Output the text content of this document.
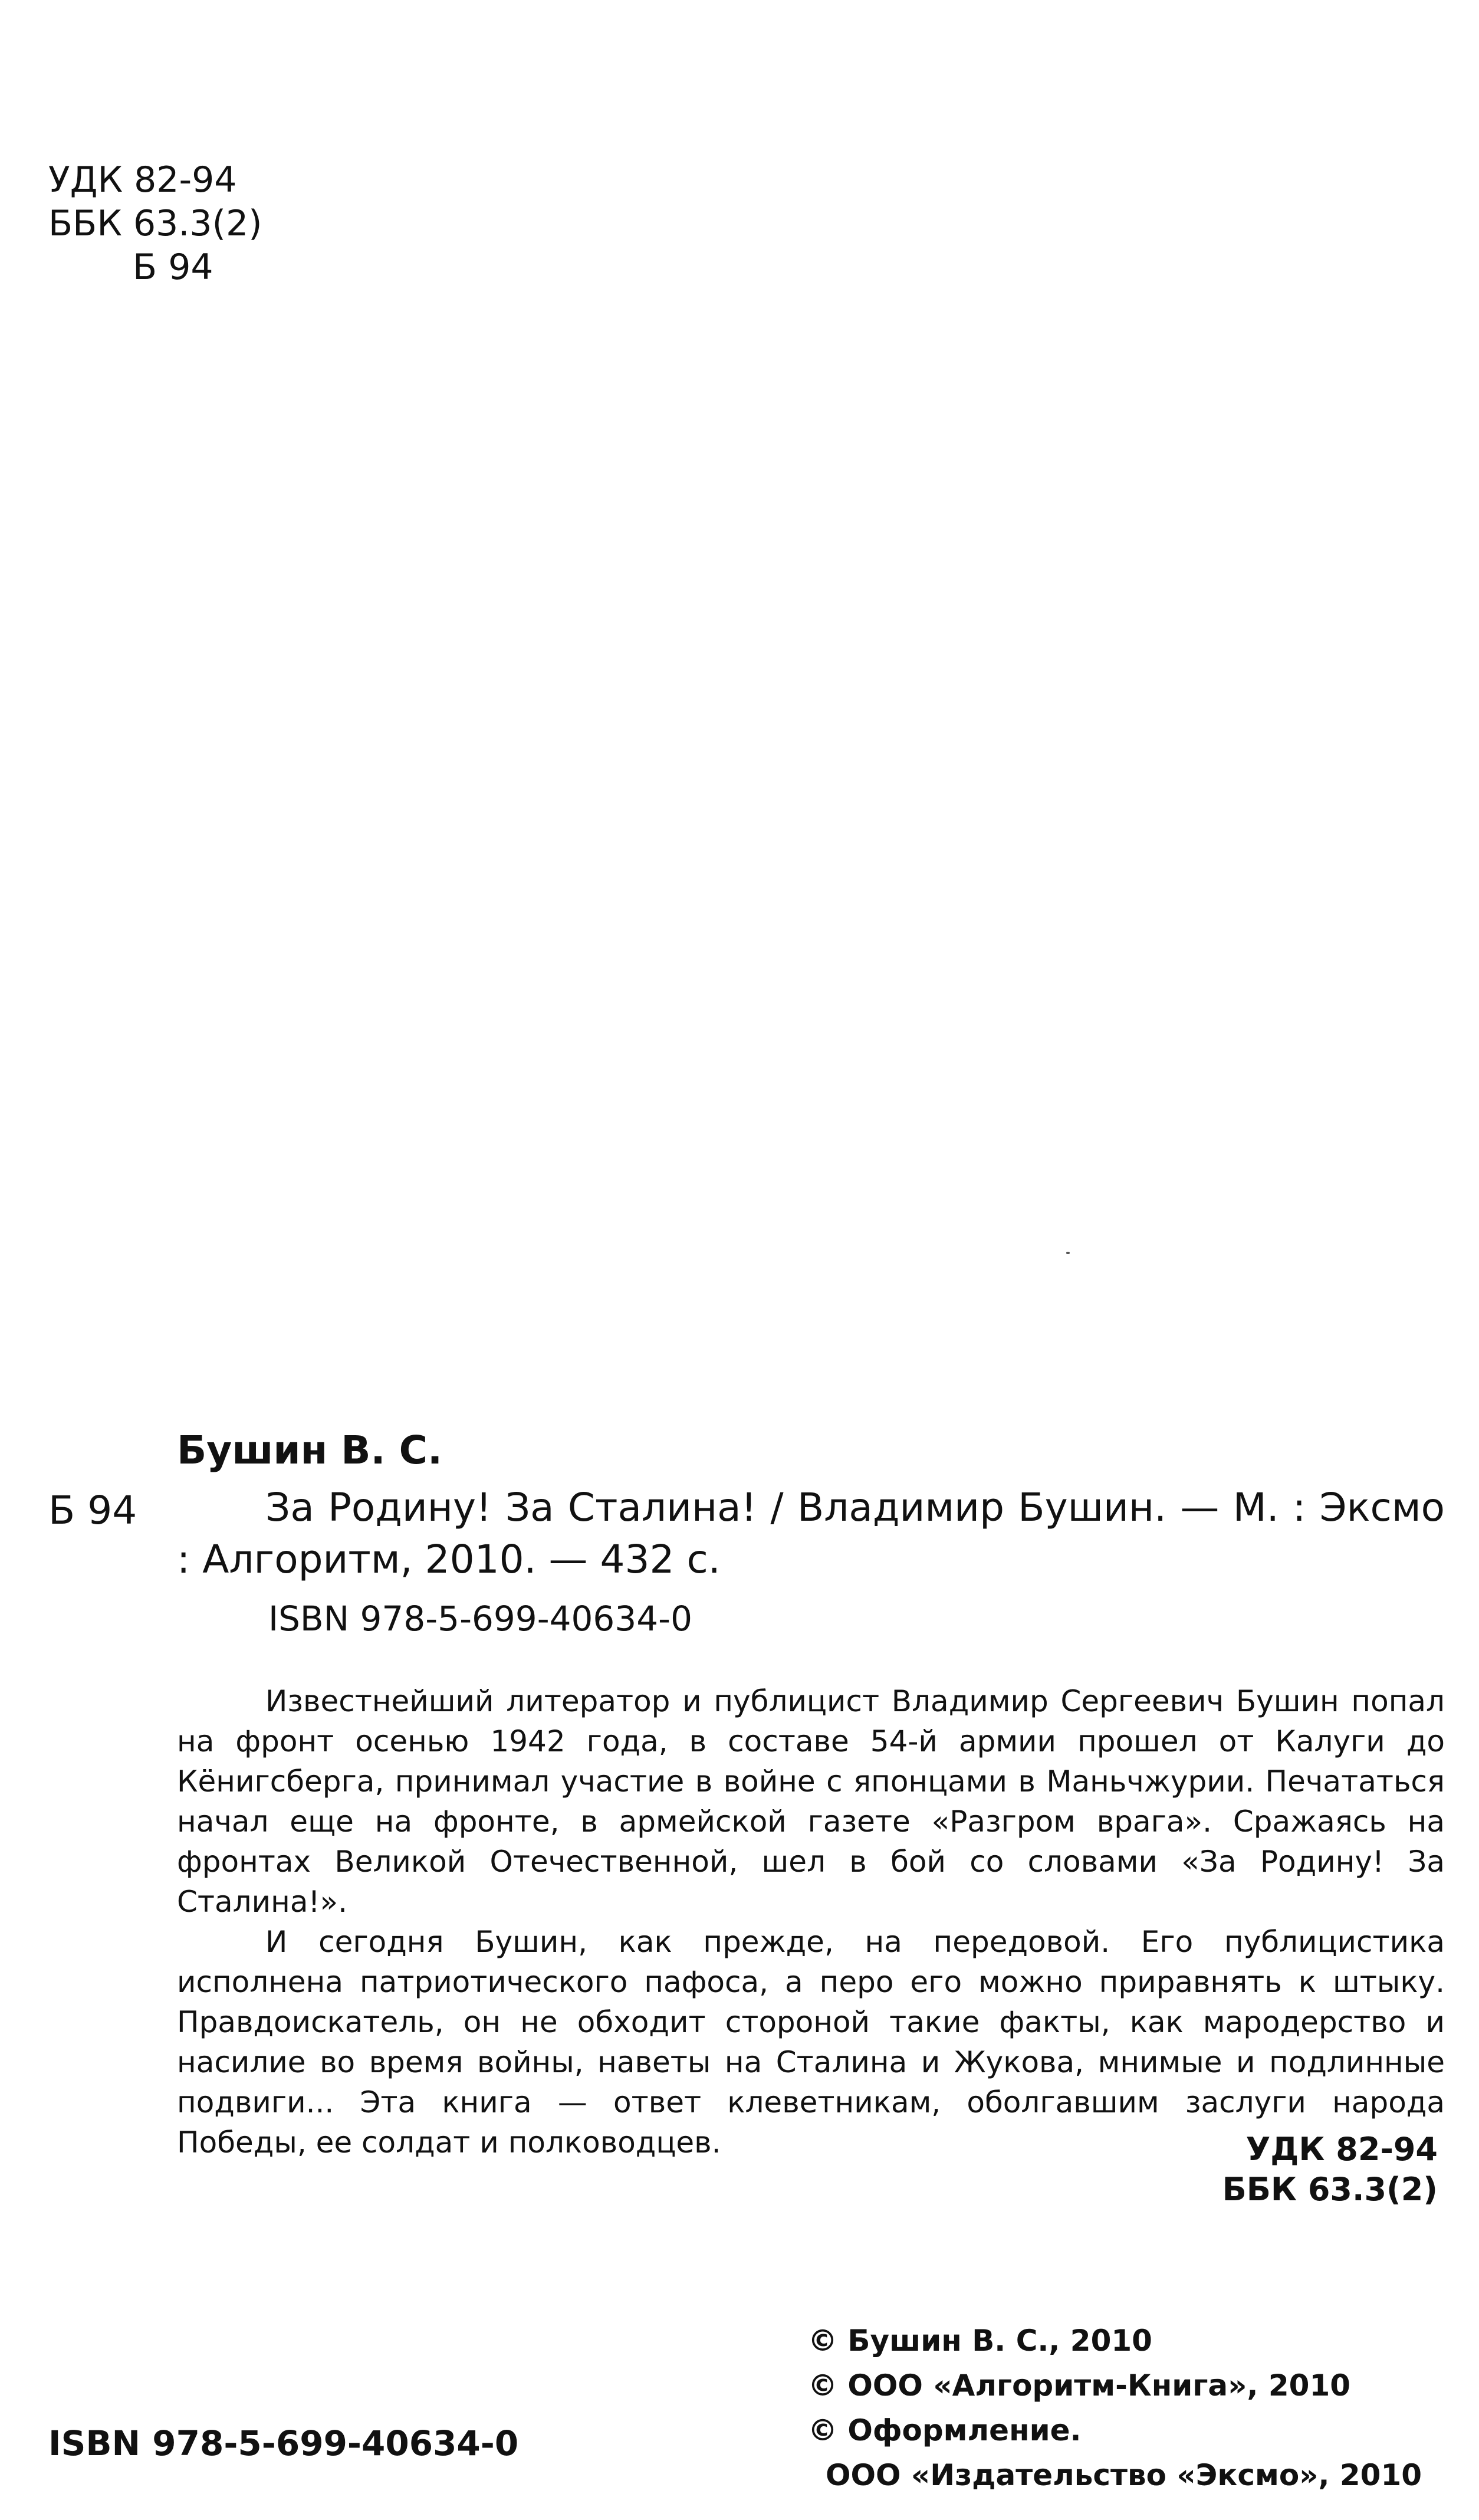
УДК 82-94
ББК 63.3(2)
Б 94
Бушин В. С.
Б 94	За Родину! За Сталина! / Владимир Бушин. — М. : Эксмо : Алгоритм, 2010. — 432 с.
ISBN 978-5-699-40634-0

Известнейший литератор и публицист Владимир Сергеевич Бушин попал на фронт осенью 1942 года, в составе 54-й армии прошел от Калуги до Кёнигсберга, принимал участие в войне с японцами в Маньчжурии. Печататься начал еще на фронте, в армейской газете «Разгром врага». Сражаясь на фронтах Великой Отечественной, шел в бой со словами «За Родину! За Сталина!».

И сегодня Бушин, как прежде, на передовой. Его публицистика исполнена патриотического пафоса, а перо его можно приравнять к штыку. Правдоискатель, он не обходит стороной такие факты, как мародерство и насилие во время войны, наветы на Сталина и Жукова, мнимые и подлинные подвиги... Эта книга — ответ клеветникам, оболгавшим заслуги народа Победы, ее солдат и полководцев.	УДК 82-94
ББК 63.3(2)
ISBN 978-5-699-40634-0
© Бушин В. С., 2010
© ООО «Алгоритм-Книга», 2010
© Оформление.
ООО «Издательство «Эксмо», 2010
